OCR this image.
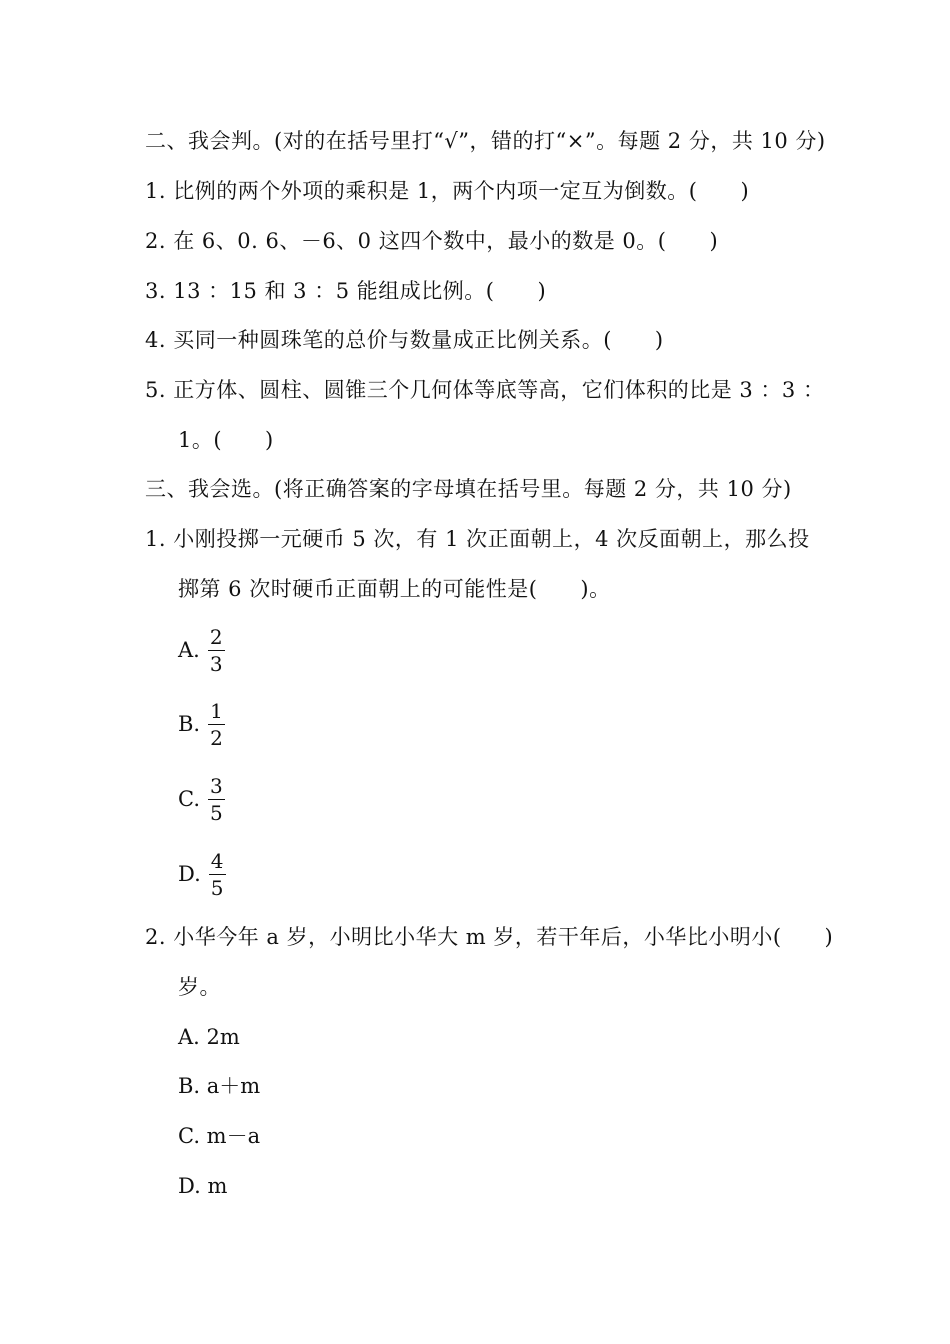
二、我会判。(对的在括号里打“√”，错的打“×”。每题 2 分，共 10 分)
1. 比例的两个外项的乘积是 1，两个内项一定互为倒数。(　　)
2. 在 6、0. 6、－6、0 这四个数中，最小的数是 0。(　　)
3. 13 ：15 和 3 ：5 能组成比例。(　　)
4. 买同一种圆珠笔的总价与数量成正比例关系。(　　)
5. 正方体、圆柱、圆锥三个几何体等底等高，它们体积的比是 3 ：3 ：
1。(　　)
三、我会选。(将正确答案的字母填在括号里。每题 2 分，共 10 分)
1. 小刚投掷一元硬币 5 次，有 1 次正面朝上，4 次反面朝上，那么投
掷第 6 次时硬币正面朝上的可能性是(　　)。
A. $\frac{2}{3}$
B. $\frac{1}{2}$
C. $\frac{3}{5}$
D. $\frac{4}{5}$
2. 小华今年 a 岁，小明比小华大 m 岁，若干年后，小华比小明小(　　)
岁。
A. 2m
B. a＋m
C. m－a
D. m
